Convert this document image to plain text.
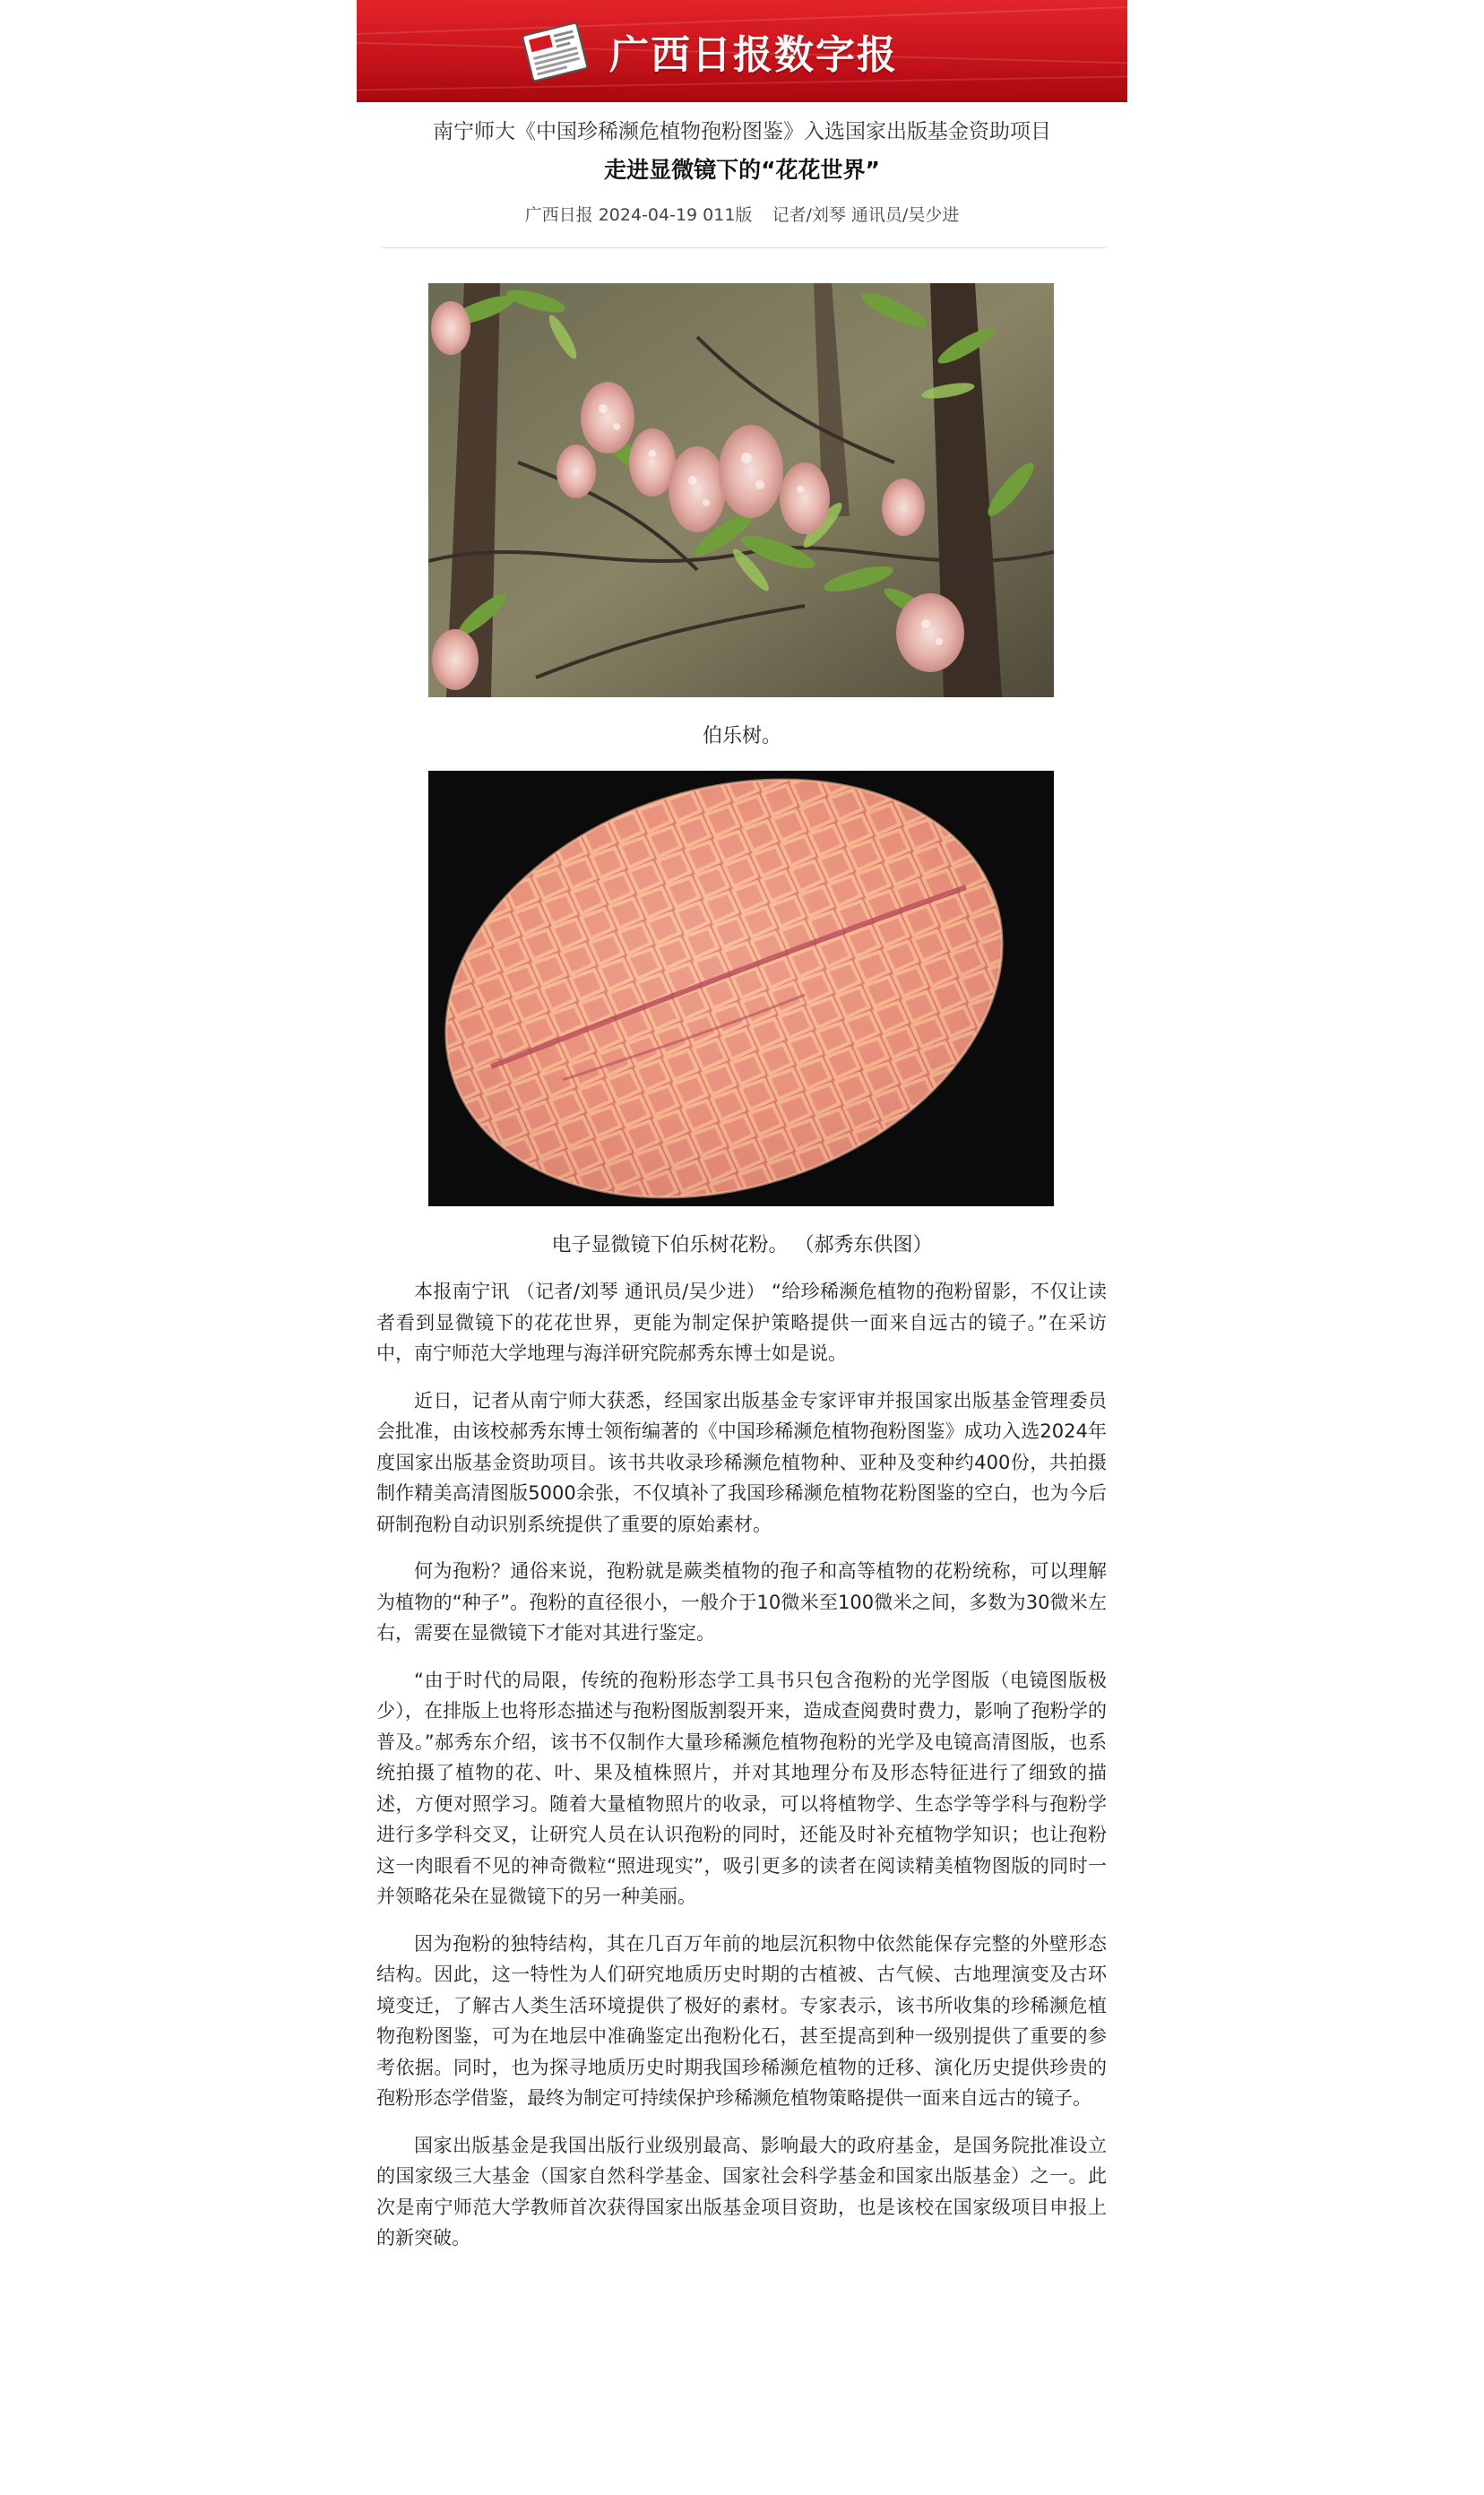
广西日报数字报
南宁师大《中国珍稀濒危植物孢粉图鉴》入选国家出版基金资助项目
走进显微镜下的“花花世界”
广西日报 2024-04-19 011版 记者/刘琴 通讯员/吴少进
伯乐树。
电子显微镜下伯乐树花粉。 （郝秀东供图）

本报南宁讯 （记者/刘琴 通讯员/吴少进） “给珍稀濒危植物的孢粉留影，不仅让读者看到显微镜下的花花世界，更能为制定保护策略提供一面来自远古的镜子。”在采访中，南宁师范大学地理与海洋研究院郝秀东博士如是说。

近日，记者从南宁师大获悉，经国家出版基金专家评审并报国家出版基金管理委员会批准，由该校郝秀东博士领衔编著的《中国珍稀濒危植物孢粉图鉴》成功入选2024年度国家出版基金资助项目。该书共收录珍稀濒危植物种、亚种及变种约400份，共拍摄制作精美高清图版5000余张，不仅填补了我国珍稀濒危植物花粉图鉴的空白，也为今后研制孢粉自动识别系统提供了重要的原始素材。

何为孢粉？通俗来说，孢粉就是蕨类植物的孢子和高等植物的花粉统称，可以理解为植物的“种子”。孢粉的直径很小，一般介于10微米至100微米之间，多数为30微米左右，需要在显微镜下才能对其进行鉴定。

“由于时代的局限，传统的孢粉形态学工具书只包含孢粉的光学图版（电镜图版极少），在排版上也将形态描述与孢粉图版割裂开来，造成查阅费时费力，影响了孢粉学的普及。”郝秀东介绍，该书不仅制作大量珍稀濒危植物孢粉的光学及电镜高清图版，也系统拍摄了植物的花、叶、果及植株照片，并对其地理分布及形态特征进行了细致的描述，方便对照学习。随着大量植物照片的收录，可以将植物学、生态学等学科与孢粉学进行多学科交叉，让研究人员在认识孢粉的同时，还能及时补充植物学知识；也让孢粉这一肉眼看不见的神奇微粒“照进现实”，吸引更多的读者在阅读精美植物图版的同时一并领略花朵在显微镜下的另一种美丽。

因为孢粉的独特结构，其在几百万年前的地层沉积物中依然能保存完整的外壁形态结构。因此，这一特性为人们研究地质历史时期的古植被、古气候、古地理演变及古环境变迁，了解古人类生活环境提供了极好的素材。专家表示，该书所收集的珍稀濒危植物孢粉图鉴，可为在地层中准确鉴定出孢粉化石，甚至提高到种一级别提供了重要的参考依据。同时，也为探寻地质历史时期我国珍稀濒危植物的迁移、演化历史提供珍贵的孢粉形态学借鉴，最终为制定可持续保护珍稀濒危植物策略提供一面来自远古的镜子。

国家出版基金是我国出版行业级别最高、影响最大的政府基金，是国务院批准设立的国家级三大基金（国家自然科学基金、国家社会科学基金和国家出版基金）之一。此次是南宁师范大学教师首次获得国家出版基金项目资助，也是该校在国家级项目申报上的新突破。
